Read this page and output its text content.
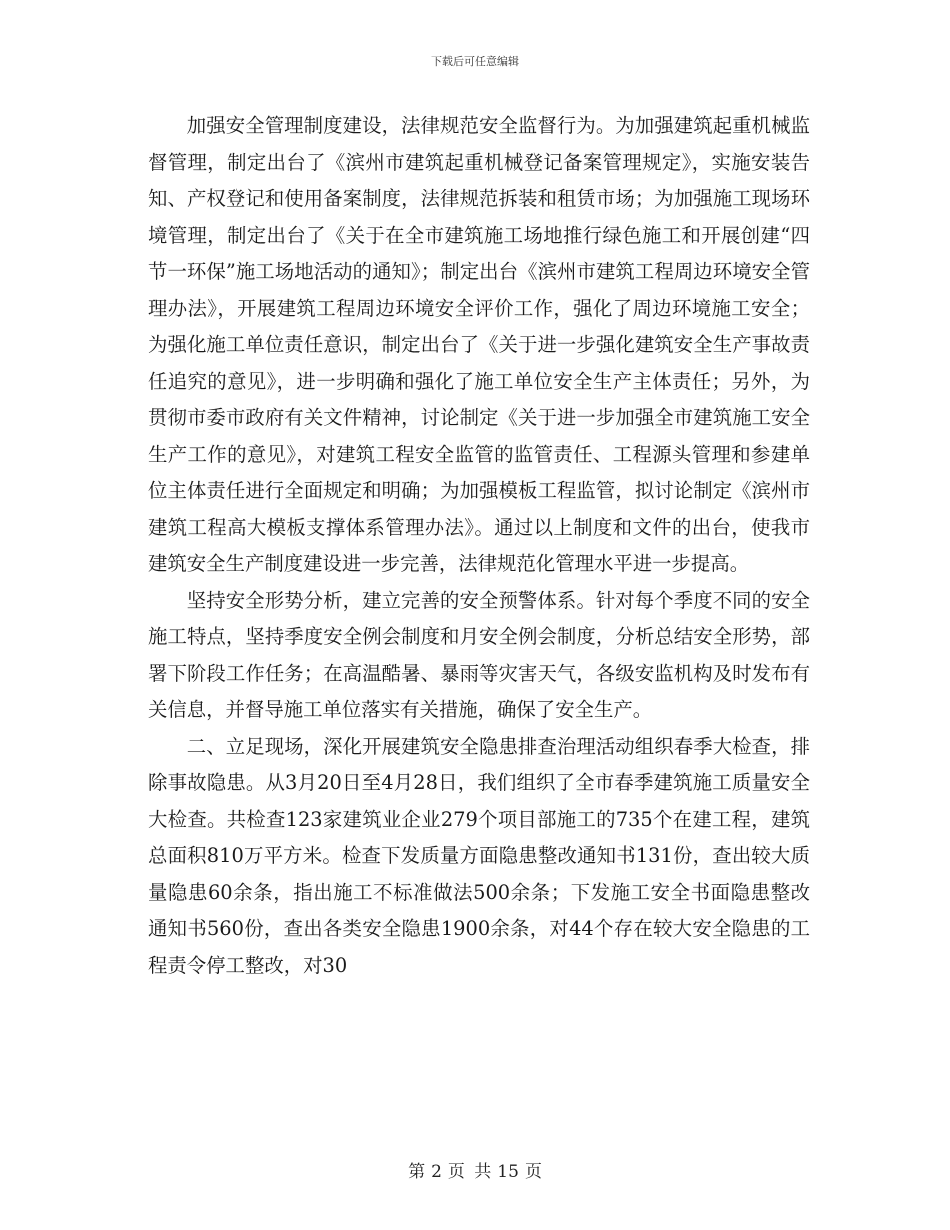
下载后可任意编辑

加强安全管理制度建设，法律规范安全监督行为。为加强建筑起重机械监督管理，制定出台了《滨州市建筑起重机械登记备案管理规定》，实施安装告知、产权登记和使用备案制度，法律规范拆装和租赁市场；为加强施工现场环境管理，制定出台了《关于在全市建筑施工场地推行绿色施工和开展创建“四节一环保”施工场地活动的通知》；制定出台《滨州市建筑工程周边环境安全管理办法》，开展建筑工程周边环境安全评价工作，强化了周边环境施工安全；为强化施工单位责任意识，制定出台了《关于进一步强化建筑安全生产事故责任追究的意见》，进一步明确和强化了施工单位安全生产主体责任；另外，为贯彻市委市政府有关文件精神，讨论制定《关于进一步加强全市建筑施工安全生产工作的意见》，对建筑工程安全监管的监管责任、工程源头管理和参建单位主体责任进行全面规定和明确；为加强模板工程监管，拟讨论制定《滨州市建筑工程高大模板支撑体系管理办法》。通过以上制度和文件的出台，使我市建筑安全生产制度建设进一步完善，法律规范化管理水平进一步提高。

坚持安全形势分析，建立完善的安全预警体系。针对每个季度不同的安全施工特点，坚持季度安全例会制度和月安全例会制度，分析总结安全形势，部署下阶段工作任务；在高温酷暑、暴雨等灾害天气，各级安监机构及时发布有关信息，并督导施工单位落实有关措施，确保了安全生产。

二、立足现场，深化开展建筑安全隐患排查治理活动组织春季大检查，排除事故隐患。从3月20日至4月28日，我们组织了全市春季建筑施工质量安全大检查。共检查123家建筑业企业279个项目部施工的735个在建工程，建筑总面积810万平方米。检查下发质量方面隐患整改通知书131份，查出较大质量隐患60余条，指出施工不标准做法500余条；下发施工安全书面隐患整改通知书560份，查出各类安全隐患1900余条，对44个存在较大安全隐患的工程责令停工整改，对30

第 2 页 共 15 页
